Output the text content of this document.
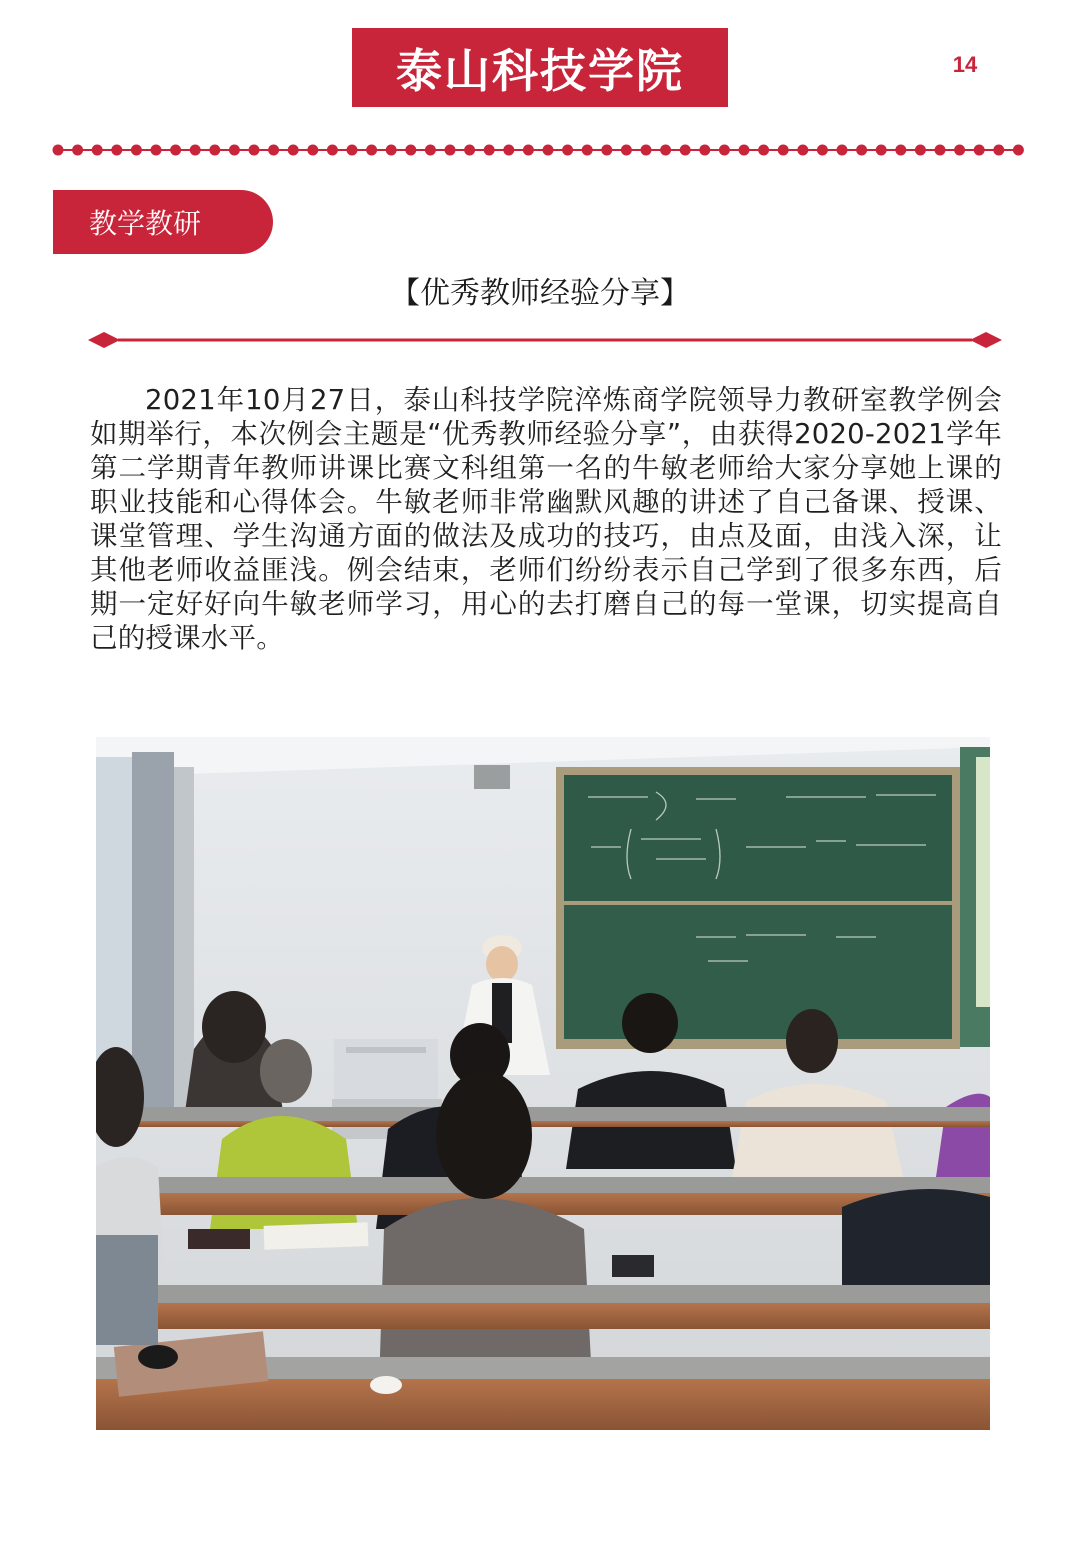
泰山科技学院	14
教学教研
【优秀教师经验分享】

2021年10月27日，泰山科技学院淬炼商学院领导力教研室教学例会如期举行，本次例会主题是“优秀教师经验分享”，由获得2020-2021学年第二学期青年教师讲课比赛文科组第一名的牛敏老师给大家分享她上课的职业技能和心得体会。牛敏老师非常幽默风趣的讲述了自己备课、授课、课堂管理、学生沟通方面的做法及成功的技巧，由点及面，由浅入深，让其他老师收益匪浅。例会结束，老师们纷纷表示自己学到了很多东西，后期一定好好向牛敏老师学习，用心的去打磨自己的每一堂课，切实提高自己的授课水平。
